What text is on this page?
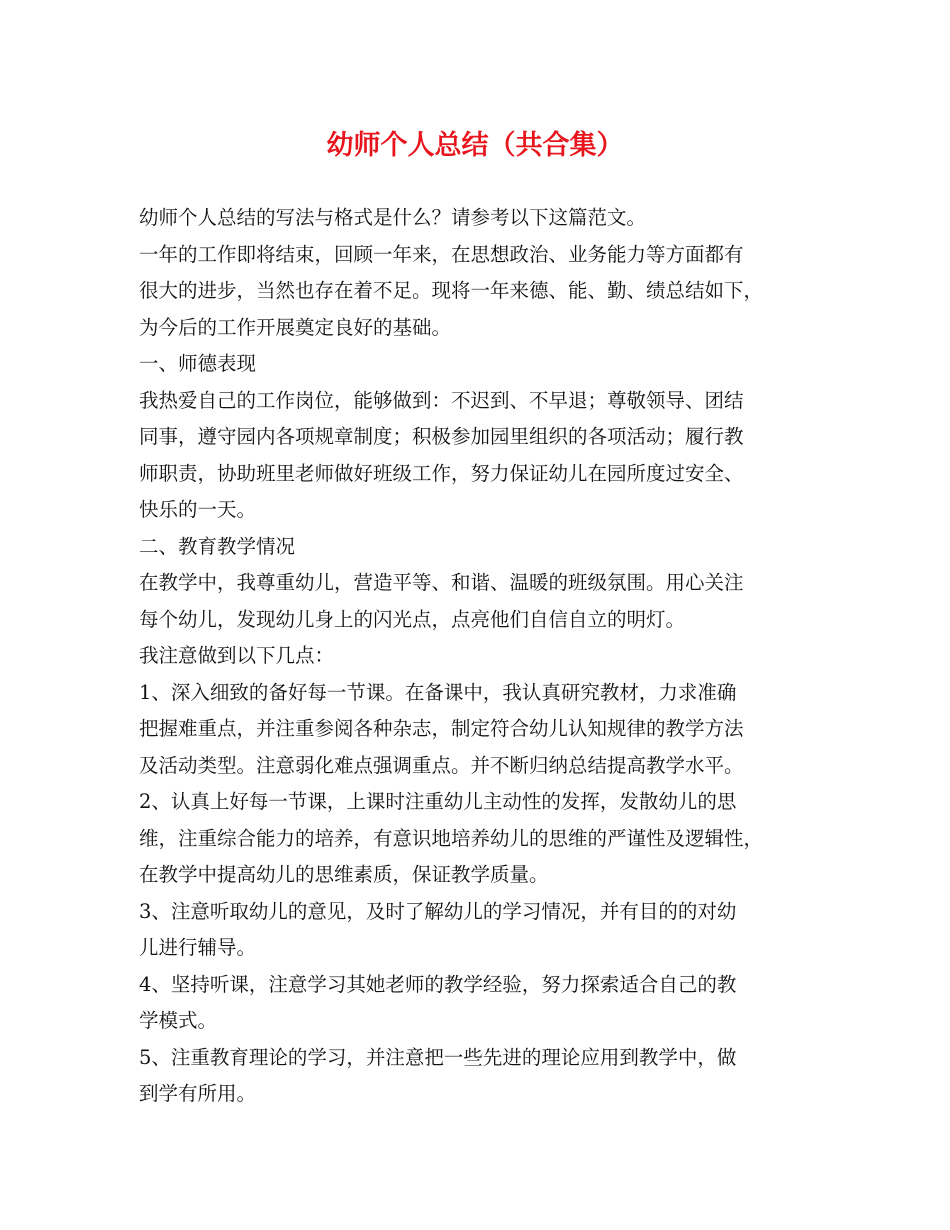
幼师个人总结（共合集）
幼师个人总结的写法与格式是什么？请参考以下这篇范文。
一年的工作即将结束，回顾一年来，在思想政治、业务能力等方面都有
很大的进步，当然也存在着不足。现将一年来德、能、勤、绩总结如下，
为今后的工作开展奠定良好的基础。
一、师德表现
我热爱自己的工作岗位，能够做到：不迟到、不早退；尊敬领导、团结
同事，遵守园内各项规章制度；积极参加园里组织的各项活动；履行教
师职责，协助班里老师做好班级工作，努力保证幼儿在园所度过安全、
快乐的一天。
二、教育教学情况
在教学中，我尊重幼儿，营造平等、和谐、温暖的班级氛围。用心关注
每个幼儿，发现幼儿身上的闪光点，点亮他们自信自立的明灯。
我注意做到以下几点：
1、深入细致的备好每一节课。在备课中，我认真研究教材，力求准确
把握难重点，并注重参阅各种杂志，制定符合幼儿认知规律的教学方法
及活动类型。注意弱化难点强调重点。并不断归纳总结提高教学水平。
2、认真上好每一节课，上课时注重幼儿主动性的发挥，发散幼儿的思
维，注重综合能力的培养，有意识地培养幼儿的思维的严谨性及逻辑性，
在教学中提高幼儿的思维素质，保证教学质量。
3、注意听取幼儿的意见，及时了解幼儿的学习情况，并有目的的对幼
儿进行辅导。
4、坚持听课，注意学习其她老师的教学经验，努力探索适合自己的教
学模式。
5、注重教育理论的学习，并注意把一些先进的理论应用到教学中，做
到学有所用。
